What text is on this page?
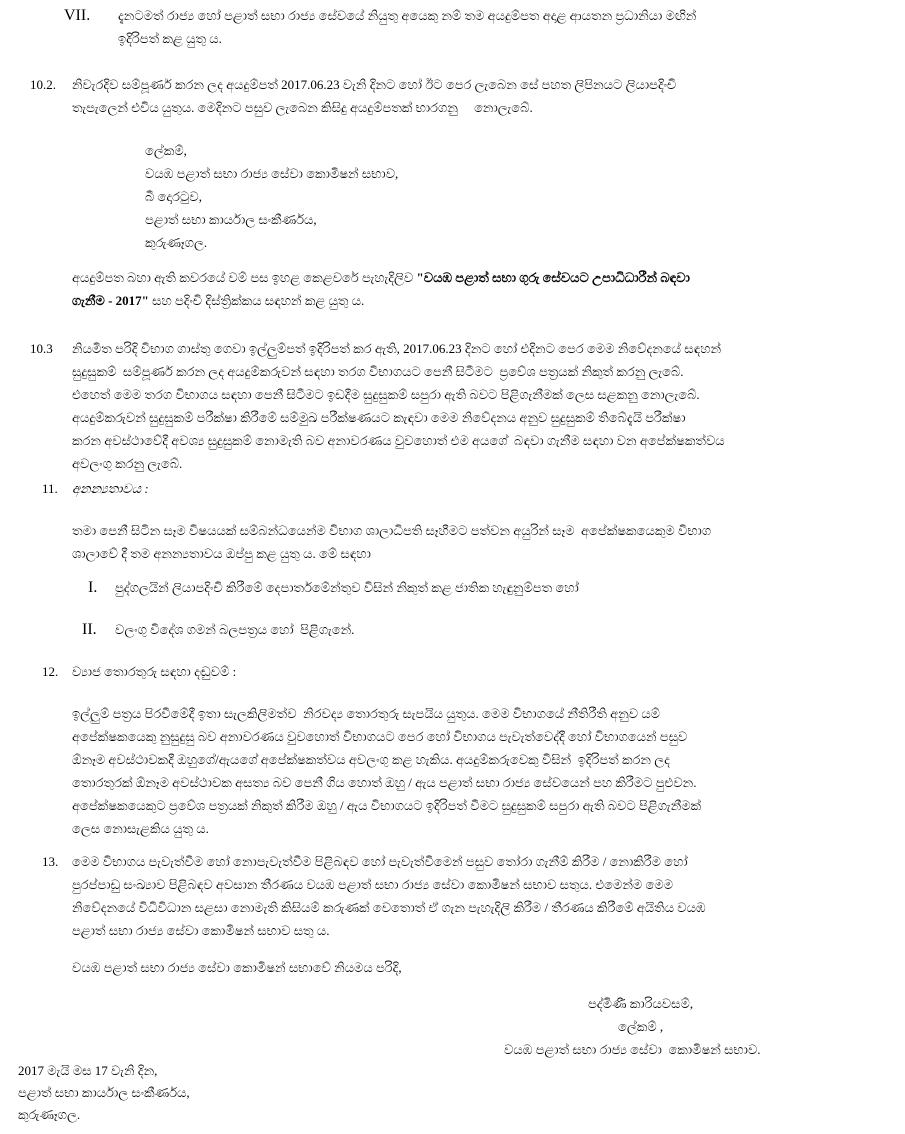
VII. දැනටමත් රාජ්‍ය හෝ පළාත් සභා රාජ්‍ය සේවයේ නියුතු අයෙකු නම් තම අයදුම්පත අදාළ ආයතන ප්‍රධානියා මඟින්
ඉදිරිපත් කළ යුතු ය.
10.2. නිවැරදිව සම්පූර්ණ කරන ලද අයදුම්පත් 2017.06.23 වැනි දිනට හෝ ඊට පෙර ලැබෙන සේ පහත ලිපිනයට ලියාපදිංචි
තැපැලෙන් එවිය යුතුය. මෙදිනට පසුව ලැබෙන කිසිදු අයදුම්පතක් භාරගනු     නොලැබේ.
ලේකම්,
වයඹ පළාත් සභා රාජ්‍ය සේවා කොමිෂන් සභාව,
බී දොරටුව,
පළාත් සභා කාර්යාල සංකීර්ණය,
කුරුණෑගල.
අයදුම්පත බහා ඇති කවරයේ වම් පස ඉහළ කෙළවරේ පැහැදිලිව "වයඹ පළාත් සභා ගුරු සේවයට උපාධිධාරීන් බඳවා
ගැනීම - 2017" සහ පදිංචි දිස්ත්‍රික්කය සඳහන් කළ යුතු ය.
10.3 නියමිත පරිදි විභාග ගාස්තු ගෙවා ඉල්ලුම්පත් ඉදිරිපත් කර ඇති, 2017.06.23 දිනට හෝ එදිනට පෙර මෙම නිවේදනයේ සඳහන්
සුදුසුකම්  සම්පූර්ණ කරන ලද අයදුම්කරුවන් සඳහා තරග විභාගයට පෙනී සිටීමට  ප්‍රවේශ පත්‍රයක් නිකුත් කරනු ලැබේ.
එහෙත් මෙම තරග විභාගය සඳහා පෙනී සිටීමට ඉඩදීම සුදුසුකම් සපුරා ඇති බවට පිළිගැනීමක් ලෙස සළකනු නොලැබේ.
අයදුම්කරුවන් සුදුසුකම් පරීක්ෂා කිරීමේ සම්මුඛ පරීක්ෂණයට කැඳවා මෙම නිවේදනය අනුව සුදුසුකම් තිබේදැයි පරීක්ෂා
කරන අවස්ථාවේදී අවශ්‍ය සුදුසුකම් නොමැති බව අනාවරණය වුවහොත් එම අයගේ  බඳවා ගැනීම සඳහා වන අපේක්ෂකත්වය
අවලංගු කරනු ලැබේ.
11. අනන්‍යතාවය :
තමා පෙනී සිටින සෑම විෂයයක් සම්බන්ධයෙන්ම විභාග ශාලාධිපති සෑහීමට පත්වන අයුරින් සෑම  අපේක්ෂකයෙකුම විභාග
ශාලාවේ දී තම අනන්‍යතාවය ඔප්පු කළ යුතු ය. මේ සඳහා
I. පුද්ගලයින් ලියාපදිංචි කිරීමේ දෙපාර්තමේන්තුව විසින් නිකුත් කළ ජාතික හැඳුනුම්පත හෝ
II. වලංගු විදේශ ගමන් බලපත්‍රය හෝ  පිළිගැනේ.
12. ව්‍යාජ තොරතුරු සඳහා දඬුවම් :
ඉල්ලුම් පත්‍රය පිරවීමේදී ඉතා සැලකිලිමත්ව  නිරවද්‍ය තොරතුරු සැපයිය යුතුය. මෙම විභාගයේ නීතිරීති අනුව යම්
අපේක්ෂකයෙකු නුසුදුසු බව අනාවරණය වුවහොත් විභාගයට පෙර හෝ විභාගය පැවැත්වෙද්දී හෝ විභාගයෙන් පසුව
ඕනෑම අවස්ථාවකදී ඔහුගේ/ඇයගේ අපේක්ෂකත්වය අවලංගු කළ හැකිය. අයදුම්කරුවෙකු විසින්  ඉදිරිපත් කරන ලද
තොරතුරක් ඕනෑම අවස්ථාවක අසත්‍ය බව පෙනී ගිය හොත් ඔහු / ඇය පළාත් සභා රාජ්‍ය සේවයෙන් පහ කිරීමට පුළුවන.
අපේක්ෂකයෙකුට ප්‍රවේශ පත්‍රයක් නිකුත් කිරීම ඔහු / ඇය විභාගයට ඉදිරිපත් වීමට සුදුසුකම් සපුරා ඇති බවට පිළිගැනීමක්
ලෙස නොසැළකිය යුතු ය.
13. මෙම විභාගය පැවැත්වීම හෝ නොපැවැත්වීම පිළිබඳව හෝ පැවැත්වීමෙන් පසුව තෝරා ගැනීම් කිරීම / නොකිරීම හෝ
පුරප්පාඩු සංඛ්‍යාව පිළිබඳව අවසාන තීරණය වයඹ පළාත් සභා රාජ්‍ය සේවා කොමිෂන් සභාව සතුය. එමෙන්ම මෙම
නිවේදනයේ විධිවිධාන සළසා නොමැති කිසියම් කරුණක් වෙතොත් ඒ ගැන පැහැදිලි කිරීම / තීරණය කිරීමේ අයිතිය වයඹ
පළාත් සභා රාජ්‍ය සේවා කොමිෂන් සභාව සතු ය.
වයඹ පළාත් සභා රාජ්‍ය සේවා කොමිෂන් සභාවේ නියමය පරිදි,
පද්මිණී කාරියවසම්,
ලේකම් ,
වයඹ පළාත් සභා රාජ්‍ය සේවා  කොමිෂන් සභාව.
2017 මැයි මස 17 වැනි දින,
පළාත් සභා කාර්යාල සංකීර්ණය,
කුරුණෑගල.
